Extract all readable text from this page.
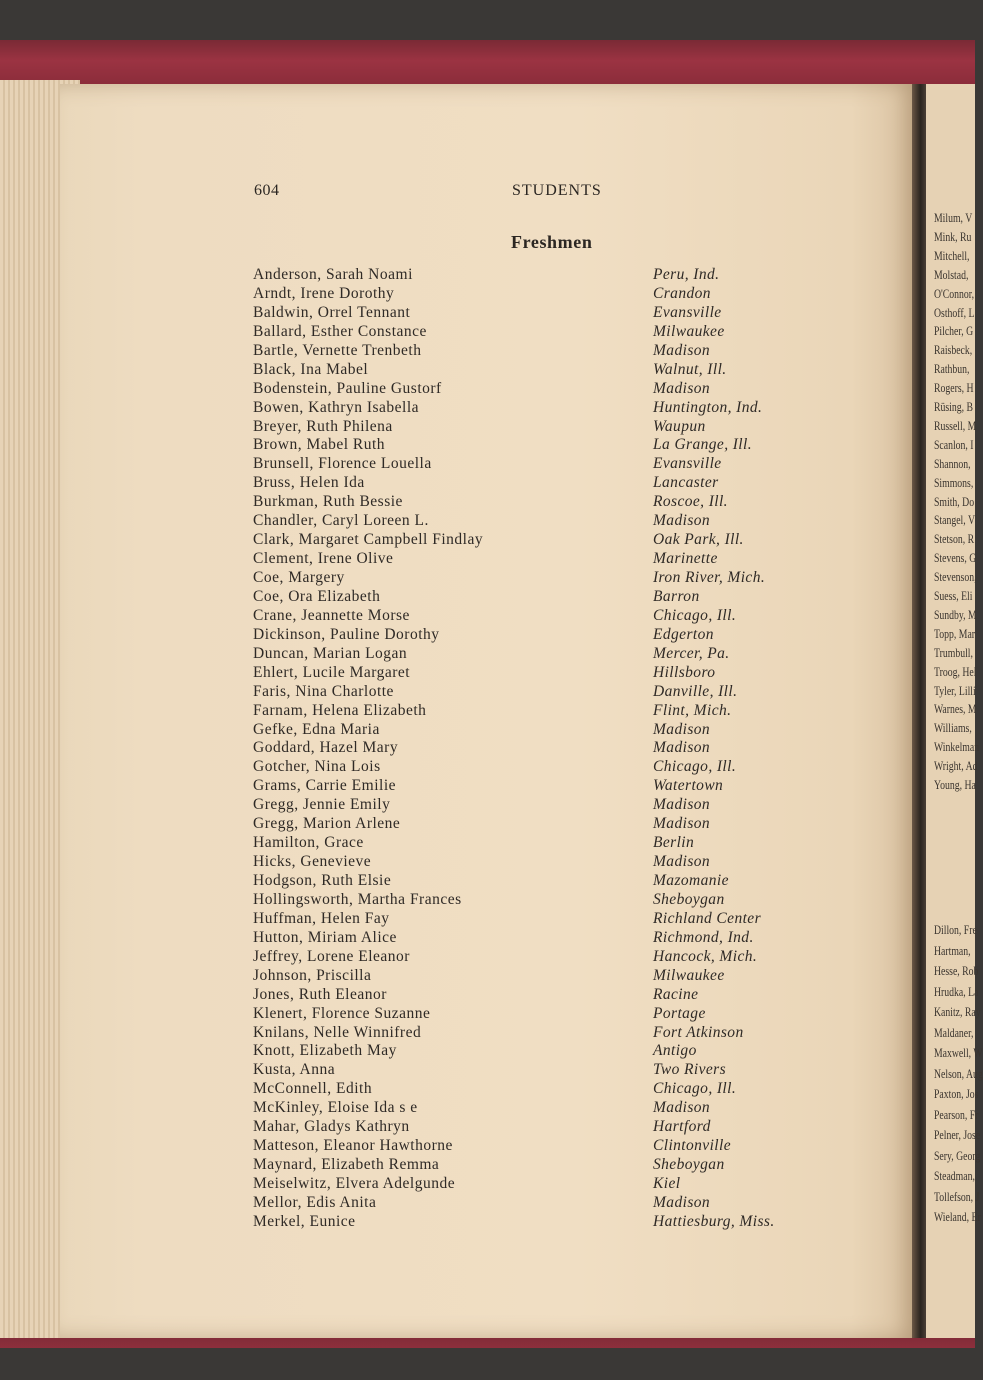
Milum, V
Mink, Ru
Mitchell,
Molstad,
O'Connor,
Osthoff, L
Pilcher, G
Raisbeck,
Rathbun,
Rogers, H
Rüsing, B
Russell, M
Scanlon, I
Shannon,
Simmons,
Smith, Do
Stangel, V
Stetson, R
Stevens, G
Stevenson,
Suess, Eli
Sundby, M
Topp, Mar
Trumbull,
Troog, Hel
Tyler, Lilli
Warnes, M
Williams,
Winkelman
Wright, Ad
Young, Ha
Dillon, Fre
Hartman,
Hesse, Rob
Hrudka, La
Kanitz, Ray
Maldaner,
Maxwell, W
Nelson, Aug
Paxton, Jos
Pearson, Fr
Pelner, Jose
Sery, Georg
Steadman,
Tollefson, J
Wieland, Er
604	STUDENTS
Freshmen
Anderson, Sarah Noami	Peru, Ind.
Arndt, Irene Dorothy	Crandon
Baldwin, Orrel Tennant	Evansville
Ballard, Esther Constance	Milwaukee
Bartle, Vernette Trenbeth	Madison
Black, Ina Mabel	Walnut, Ill.
Bodenstein, Pauline Gustorf	Madison
Bowen, Kathryn Isabella	Huntington, Ind.
Breyer, Ruth Philena	Waupun
Brown, Mabel Ruth	La Grange, Ill.
Brunsell, Florence Louella	Evansville
Bruss, Helen Ida	Lancaster
Burkman, Ruth Bessie	Roscoe, Ill.
Chandler, Caryl Loreen L.	Madison
Clark, Margaret Campbell Findlay	Oak Park, Ill.
Clement, Irene Olive	Marinette
Coe, Margery	Iron River, Mich.
Coe, Ora Elizabeth	Barron
Crane, Jeannette Morse	Chicago, Ill.
Dickinson, Pauline Dorothy	Edgerton
Duncan, Marian Logan	Mercer, Pa.
Ehlert, Lucile Margaret	Hillsboro
Faris, Nina Charlotte	Danville, Ill.
Farnam, Helena Elizabeth	Flint, Mich.
Gefke, Edna Maria	Madison
Goddard, Hazel Mary	Madison
Gotcher, Nina Lois	Chicago, Ill.
Grams, Carrie Emilie	Watertown
Gregg, Jennie Emily	Madison
Gregg, Marion Arlene	Madison
Hamilton, Grace	Berlin
Hicks, Genevieve	Madison
Hodgson, Ruth Elsie	Mazomanie
Hollingsworth, Martha Frances	Sheboygan
Huffman, Helen Fay	Richland Center
Hutton, Miriam Alice	Richmond, Ind.
Jeffrey, Lorene Eleanor	Hancock, Mich.
Johnson, Priscilla	Milwaukee
Jones, Ruth Eleanor	Racine
Klenert, Florence Suzanne	Portage
Knilans, Nelle Winnifred	Fort Atkinson
Knott, Elizabeth May	Antigo
Kusta, Anna	Two Rivers
McConnell, Edith	Chicago, Ill.
McKinley, Eloise Ida s e	Madison
Mahar, Gladys Kathryn	Hartford
Matteson, Eleanor Hawthorne	Clintonville
Maynard, Elizabeth Remma	Sheboygan
Meiselwitz, Elvera Adelgunde	Kiel
Mellor, Edis Anita	Madison
Merkel, Eunice	Hattiesburg, Miss.
